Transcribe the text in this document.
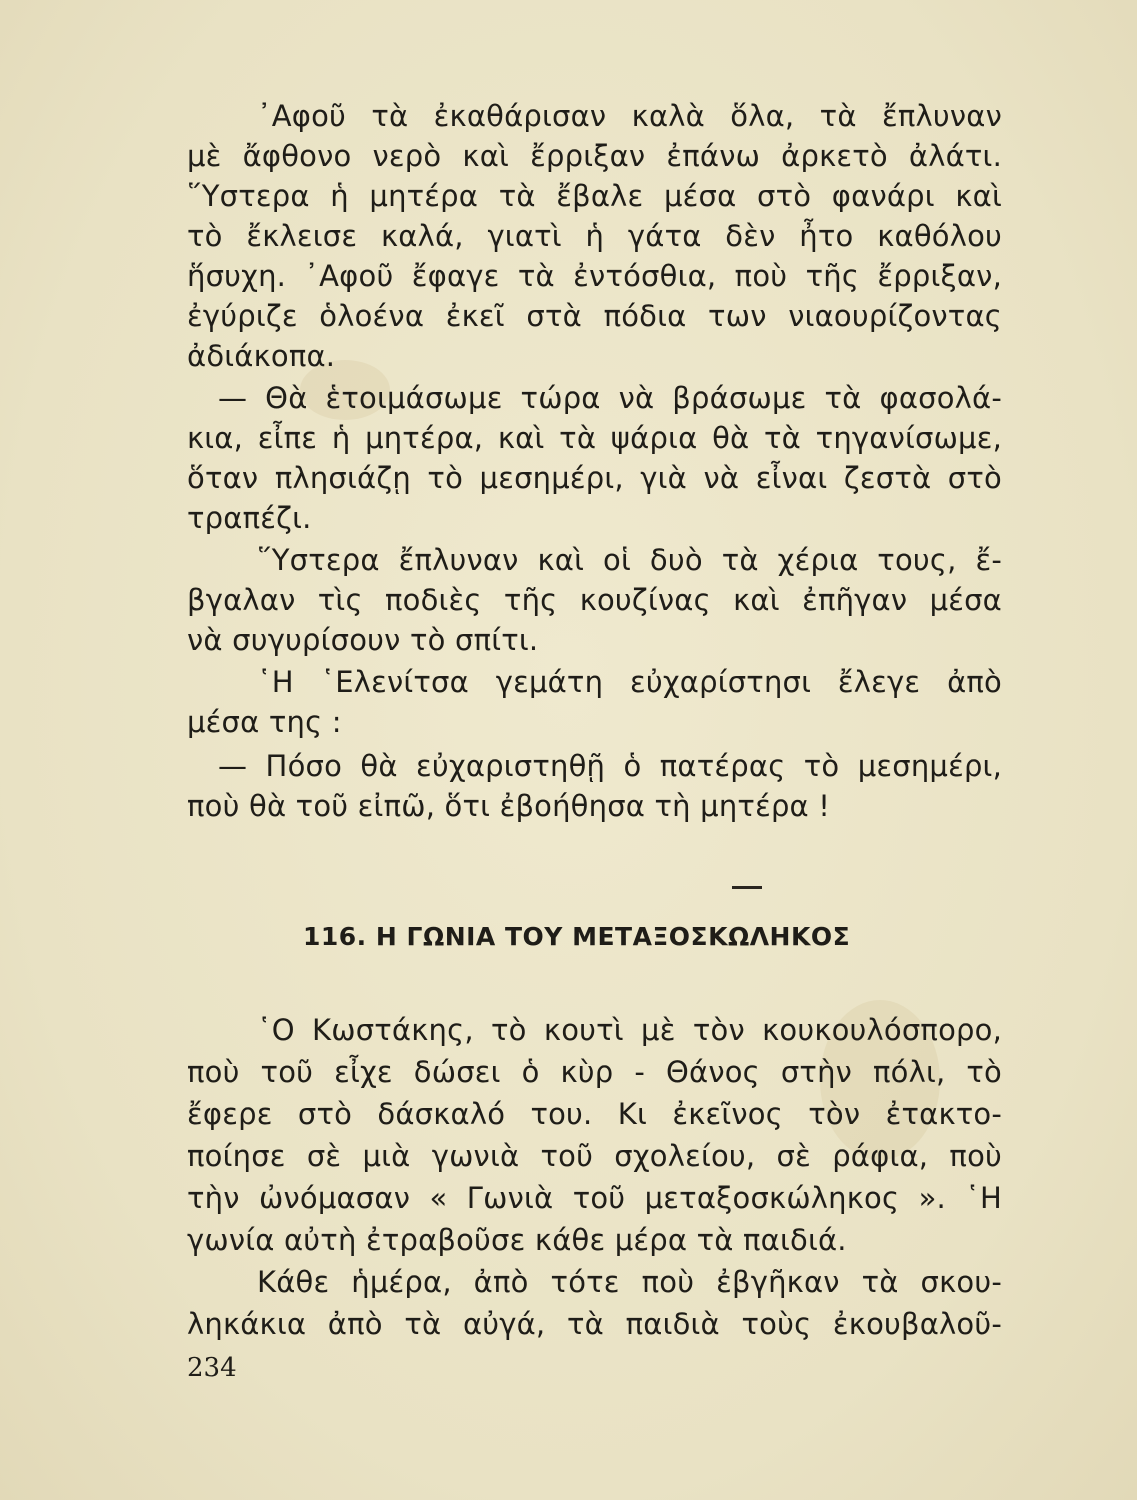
᾿Αφοῦ τὰ ἐκαθάρισαν καλὰ ὅλα, τὰ ἔπλυναν
μὲ ἄφθονο νερὸ καὶ ἔρριξαν ἐπάνω ἀρκετὸ ἀλάτι.
῞Υστερα ἡ μητέρα τὰ ἔβαλε μέσα στὸ φανάρι καὶ
τὸ ἔκλεισε καλά, γιατὶ ἡ γάτα δὲν ἦτο καθόλου
ἥσυχη. ᾿Αφοῦ ἔφαγε τὰ ἐντόσθια, ποὺ τῆς ἔρριξαν,
ἐγύριζε ὁλοένα ἐκεῖ στὰ πόδια των νιαουρίζοντας
ἀδιάκοπα.
— Θὰ ἑτοιμάσωμε τώρα νὰ βράσωμε τὰ φασολά-
κια, εἶπε ἡ μητέρα, καὶ τὰ ψάρια θὰ τὰ τηγανίσωμε,
ὅταν πλησιάζῃ τὸ μεσημέρι, γιὰ νὰ εἶναι ζεστὰ στὸ
τραπέζι.
῞Υστερα ἔπλυναν καὶ οἱ δυὸ τὰ χέρια τους, ἔ-
βγαλαν τὶς ποδιὲς τῆς κουζίνας καὶ ἐπῆγαν μέσα
νὰ συγυρίσουν τὸ σπίτι.
῾Η ῾Ελενίτσα γεμάτη εὐχαρίστησι ἔλεγε ἀπὸ
μέσα της :
— Πόσο θὰ εὐχαριστηθῇ ὁ πατέρας τὸ μεσημέρι,
ποὺ θὰ τοῦ εἰπῶ, ὅτι ἐβοήθησα τὴ μητέρα !
116. Η ΓΩΝΙΑ ΤΟΥ ΜΕΤΑΞΟΣΚΩΛΗΚΟΣ
῾Ο Κωστάκης, τὸ κουτὶ μὲ τὸν κουκουλόσπορο,
ποὺ τοῦ εἶχε δώσει ὁ κὺρ - Θάνος στὴν πόλι, τὸ
ἔφερε στὸ δάσκαλό του. Κι ἐκεῖνος τὸν ἐτακτο-
ποίησε σὲ μιὰ γωνιὰ τοῦ σχολείου, σὲ ράφια, ποὺ
τὴν ὠνόμασαν « Γωνιὰ τοῦ μεταξοσκώληκος ». ῾Η
γωνία αὐτὴ ἐτραβοῦσε κάθε μέρα τὰ παιδιά.
Κάθε ἡμέρα, ἀπὸ τότε ποὺ ἐβγῆκαν τὰ σκου-
ληκάκια ἀπὸ τὰ αὐγά, τὰ παιδιὰ τοὺς ἐκουβαλοῦ-
234
